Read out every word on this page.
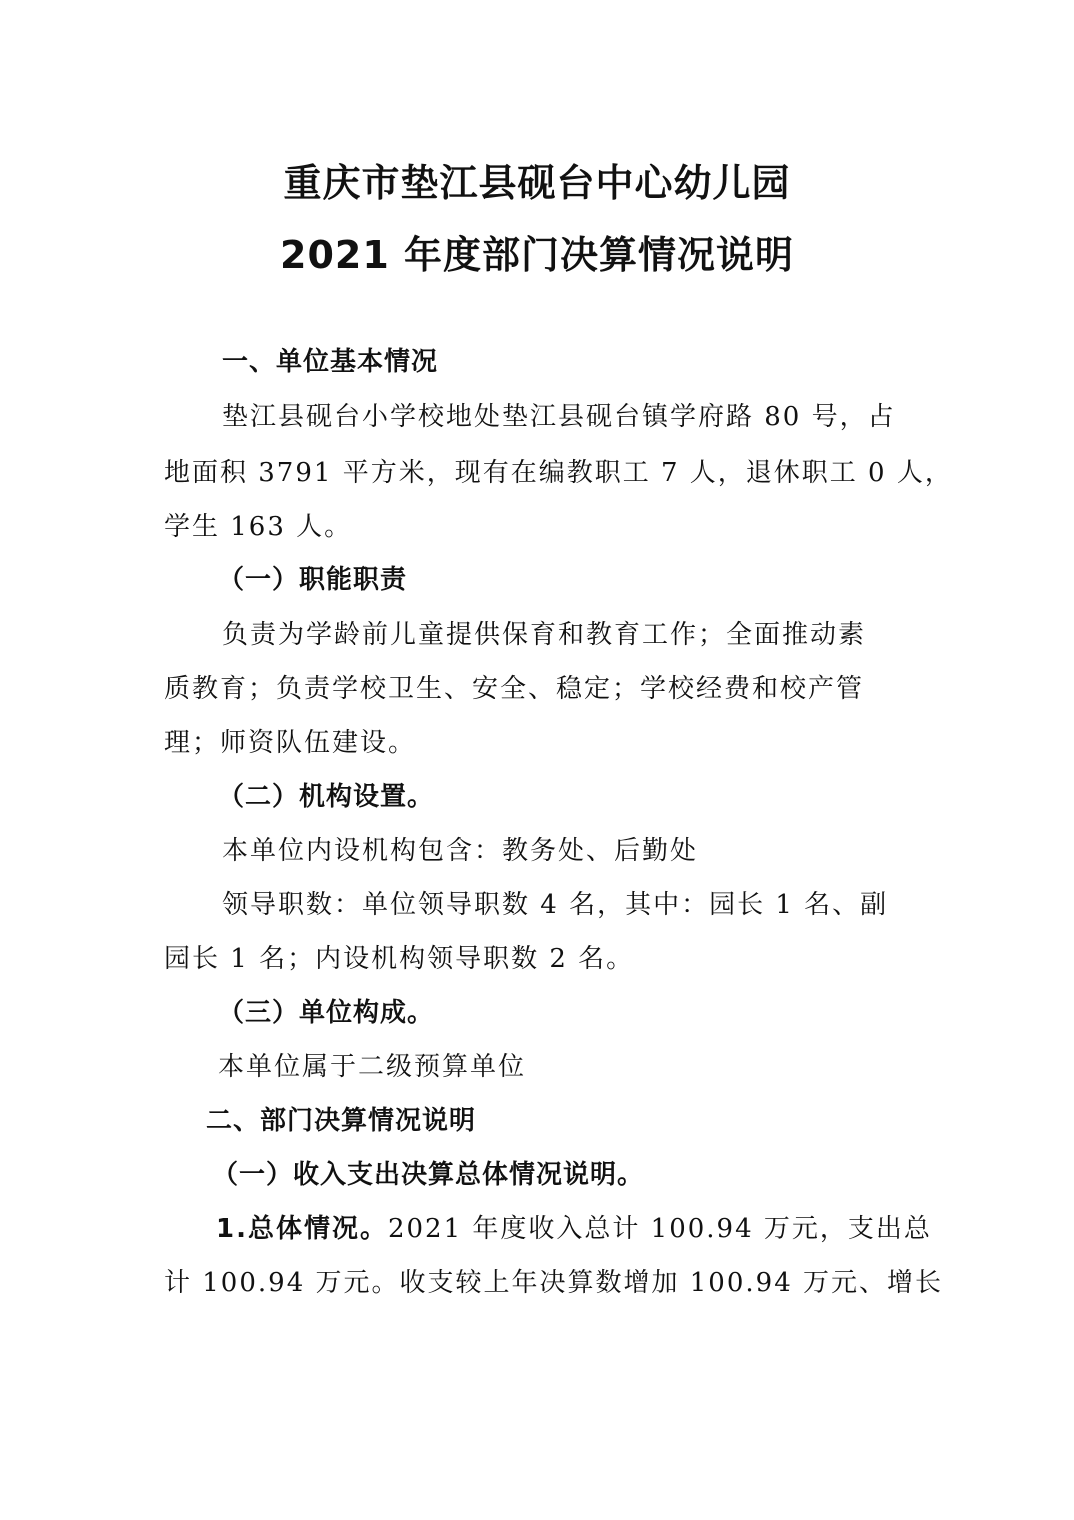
重庆市垫江县砚台中心幼儿园
2021 年度部门决算情况说明
一、单位基本情况
垫江县砚台小学校地处垫江县砚台镇学府路 80 号，占
地面积 3791 平方米，现有在编教职工 7 人，退休职工 0 人，
学生 163 人。
（一）职能职责
负责为学龄前儿童提供保育和教育工作；全面推动素
质教育；负责学校卫生、安全、稳定；学校经费和校产管
理；师资队伍建设。
（二）机构设置。
本单位内设机构包含：教务处、后勤处
领导职数：单位领导职数 4 名，其中：园长 1 名、副
园长 1 名；内设机构领导职数 2 名。
（三）单位构成。
本单位属于二级预算单位
二、部门决算情况说明
（一）收入支出决算总体情况说明。
1.总体情况。2021 年度收入总计 100.94 万元，支出总
计 100.94 万元。收支较上年决算数增加 100.94 万元、增长
